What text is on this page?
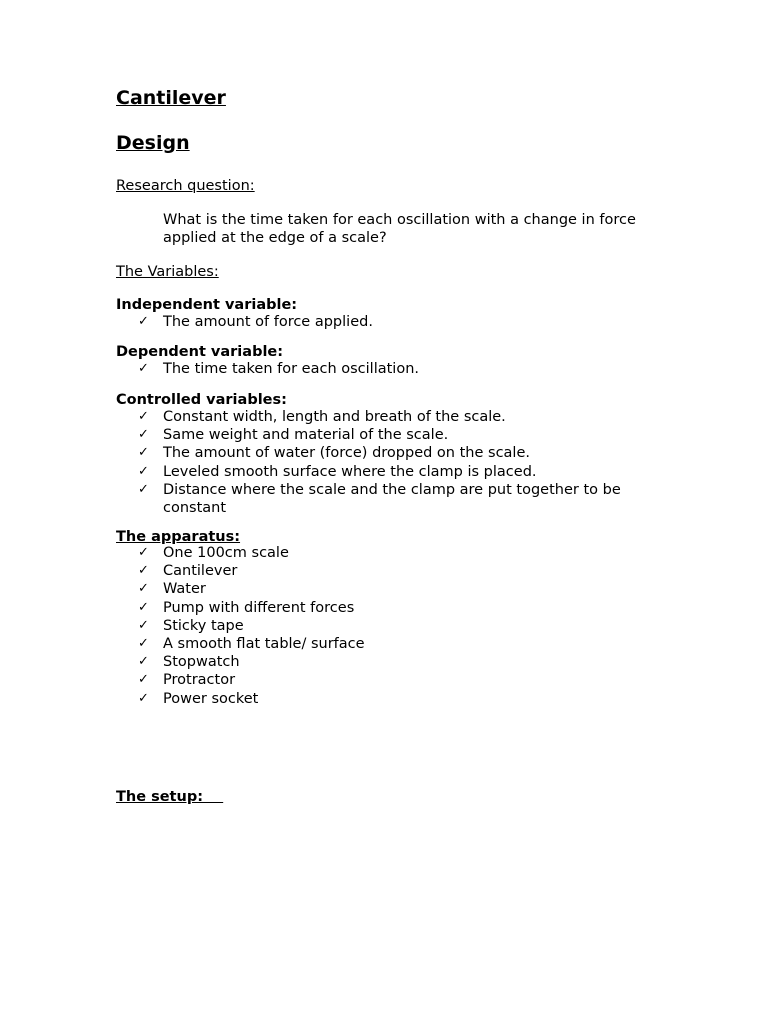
Cantilever
Design
Research question:

What is the time taken for each oscillation with a change in force applied at the edge of a scale?

The Variables:
Independent variable:
✓ The amount of force applied.
Dependent variable:
✓ The time taken for each oscillation.
Controlled variables:
✓ Constant width, length and breath of the scale.
✓ Same weight and material of the scale.
✓ The amount of water (force) dropped on the scale.
✓ Leveled smooth surface where the clamp is placed.
✓ Distance where the scale and the clamp are put together to be constant
The apparatus:
✓ One 100cm scale
✓ Cantilever
✓ Water
✓ Pump with different forces
✓ Sticky tape
✓ A smooth flat table/ surface
✓ Stopwatch
✓ Protractor
✓ Power socket
The setup:
